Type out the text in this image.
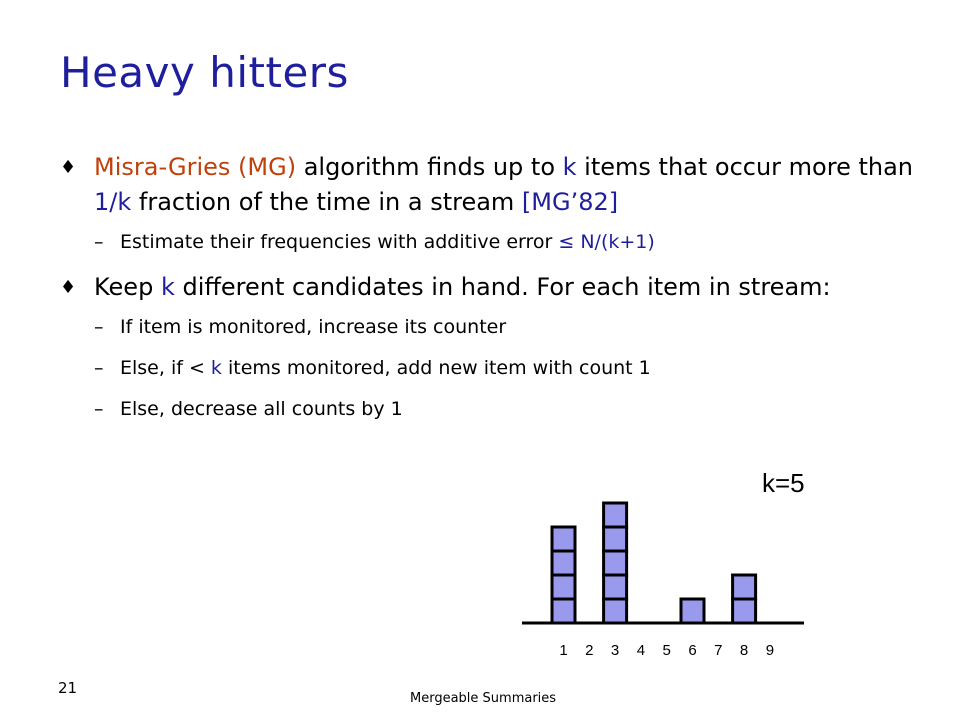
Heavy hitters
♦ Misra-Gries (MG) algorithm finds up to k items that occur more than 1/k fraction of the time in a stream [MG’82]
– Estimate their frequencies with additive error ≤ N/(k+1)
♦ Keep k different candidates in hand. For each item in stream:
– If item is monitored, increase its counter
– Else, if < k items monitored, add new item with count 1
– Else, decrease all counts by 1
k=5
1 2 3 4 5 6 7 8 9
21
Mergeable Summaries
